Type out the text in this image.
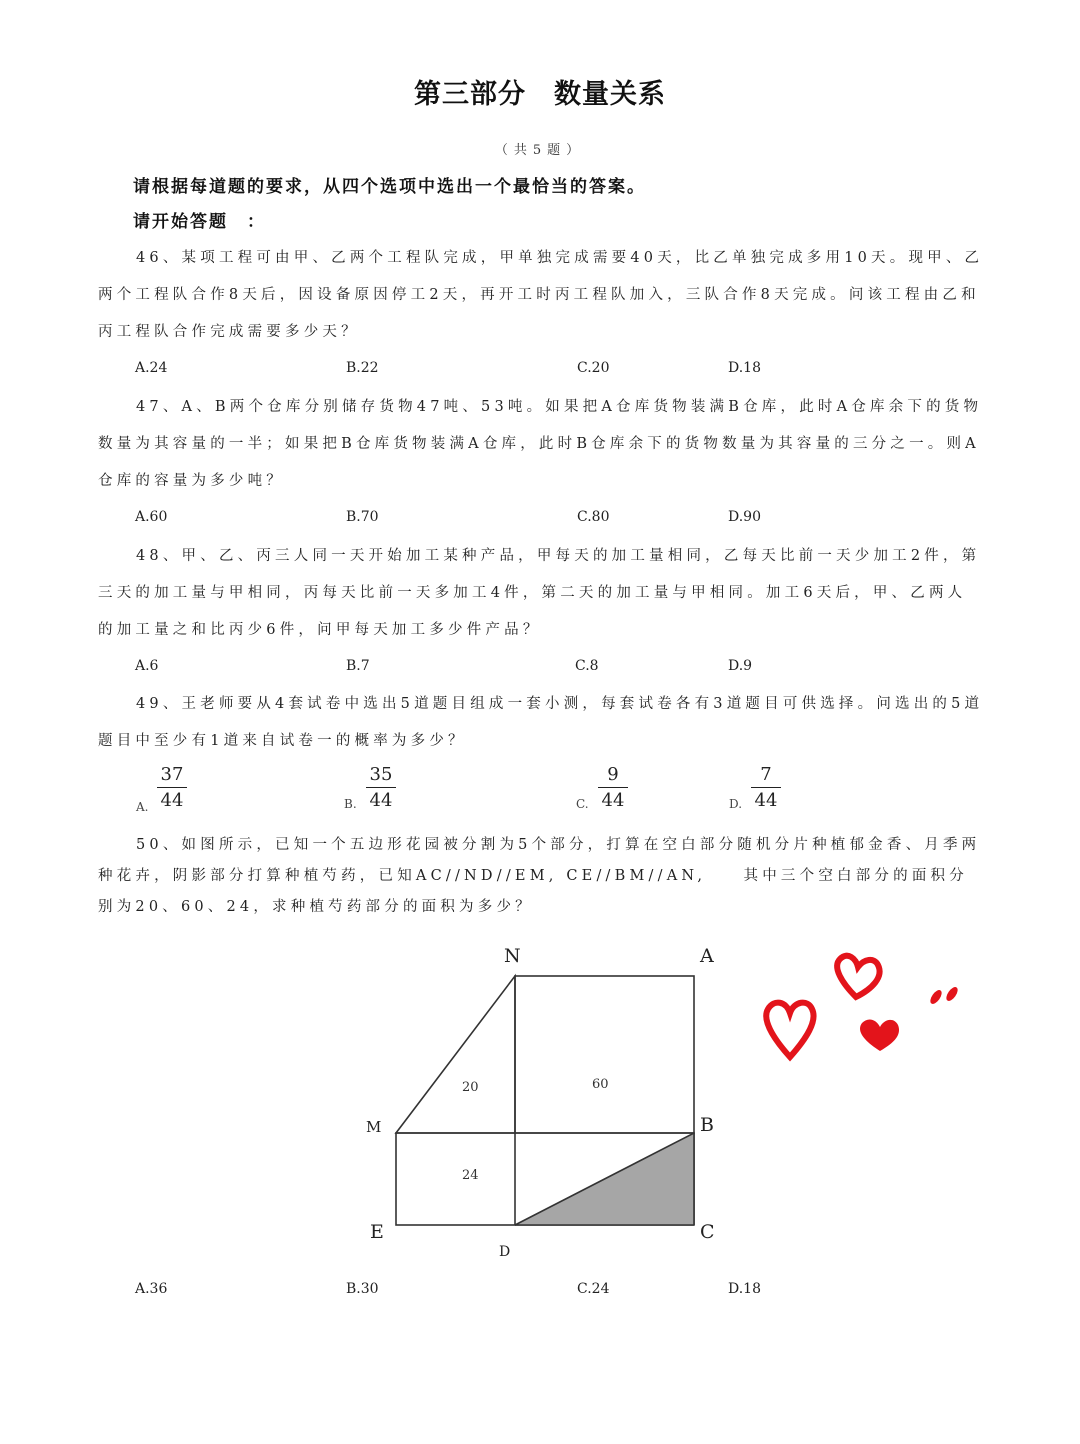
第三部分　数量关系
（共5题）
请根据每道题的要求，从四个选项中选出一个最恰当的答案。
请开始答题　：
46、某项工程可由甲、乙两个工程队完成，甲单独完成需要40天，比乙单独完成多用10天。现甲、乙两个工程队合作8天后，因设备原因停工2天，再开工时丙工程队加入，三队合作8天完成。问该工程由乙和丙工程队合作完成需要多少天？
A.24	B.22	C.20	D.18
47、A、B两个仓库分别储存货物47吨、53吨。如果把A仓库货物装满B仓库，此时A仓库余下的货物数量为其容量的一半；如果把B仓库货物装满A仓库，此时B仓库余下的货物数量为其容量的三分之一。则A仓库的容量为多少吨？
A.60	B.70	C.80	D.90
48、甲、乙、丙三人同一天开始加工某种产品，甲每天的加工量相同，乙每天比前一天少加工2件，第三天的加工量与甲相同，丙每天比前一天多加工4件，第二天的加工量与甲相同。加工6天后，甲、乙两人的加工量之和比丙少6件，问甲每天加工多少件产品？
A.6	B.7	C.8	D.9
49、王老师要从4套试卷中选出5道题目组成一套小测，每套试卷各有3道题目可供选择。问选出的5道题目中至少有1道来自试卷一的概率为多少？
A.
37
44	B.
35
44	C.
9
44	D.
7
44
50、如图所示，已知一个五边形花园被分割为5个部分，打算在空白部分随机分片种植郁金香、月季两种花卉，阴影部分打算种植芍药，已知AC//ND//EM, CE//BM//AN,　　其中三个空白部分的面积分别为20、60、24，求种植芍药部分的面积为多少？
N	A
M	B
E	C
D
20	60
24
A.36	B.30	C.24	D.18
